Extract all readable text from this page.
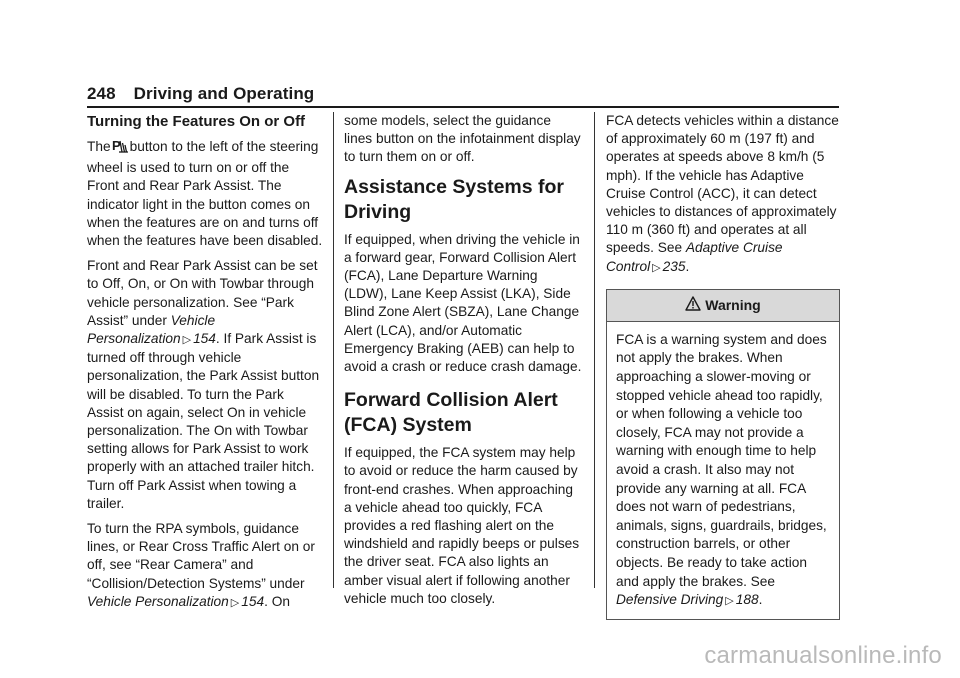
248 Driving and Operating
Turning the Features On or Off

The P button to the left of the steering wheel is used to turn on or off the Front and Rear Park Assist. The indicator light in the button comes on when the features are on and turns off when the features have been disabled.

Front and Rear Park Assist can be set to Off, On, or On with Towbar through vehicle personalization. See “Park Assist” under Vehicle Personalization ▷ 154. If Park Assist is turned off through vehicle personalization, the Park Assist button will be disabled. To turn the Park Assist on again, select On in vehicle personalization. The On with Towbar setting allows for Park Assist to work properly with an attached trailer hitch. Turn off Park Assist when towing a trailer.

To turn the RPA symbols, guidance lines, or Rear Cross Traffic Alert on or off, see “Rear Camera” and “Collision/Detection Systems” under Vehicle Personalization ▷ 154. On

some models, select the guidance lines button on the infotainment display to turn them on or off.

Assistance Systems for Driving

If equipped, when driving the vehicle in a forward gear, Forward Collision Alert (FCA), Lane Departure Warning (LDW), Lane Keep Assist (LKA), Side Blind Zone Alert (SBZA), Lane Change Alert (LCA), and/or Automatic Emergency Braking (AEB) can help to avoid a crash or reduce crash damage.

Forward Collision Alert (FCA) System

If equipped, the FCA system may help to avoid or reduce the harm caused by front-end crashes. When approaching a vehicle ahead too quickly, FCA provides a red flashing alert on the windshield and rapidly beeps or pulses the driver seat. FCA also lights an amber visual alert if following another vehicle much too closely.

FCA detects vehicles within a distance of approximately 60 m (197 ft) and operates at speeds above 8 km/h (5 mph). If the vehicle has Adaptive Cruise Control (ACC), it can detect vehicles to distances of approximately 110 m (360 ft) and operates at all speeds. See Adaptive Cruise Control ▷ 235.

Warning
FCA is a warning system and does not apply the brakes. When approaching a slower-moving or stopped vehicle ahead too rapidly, or when following a vehicle too closely, FCA may not provide a warning with enough time to help avoid a crash. It also may not provide any warning at all. FCA does not warn of pedestrians, animals, signs, guardrails, bridges, construction barrels, or other objects. Be ready to take action and apply the brakes. See Defensive Driving ▷ 188.
carmanualsonline.info
